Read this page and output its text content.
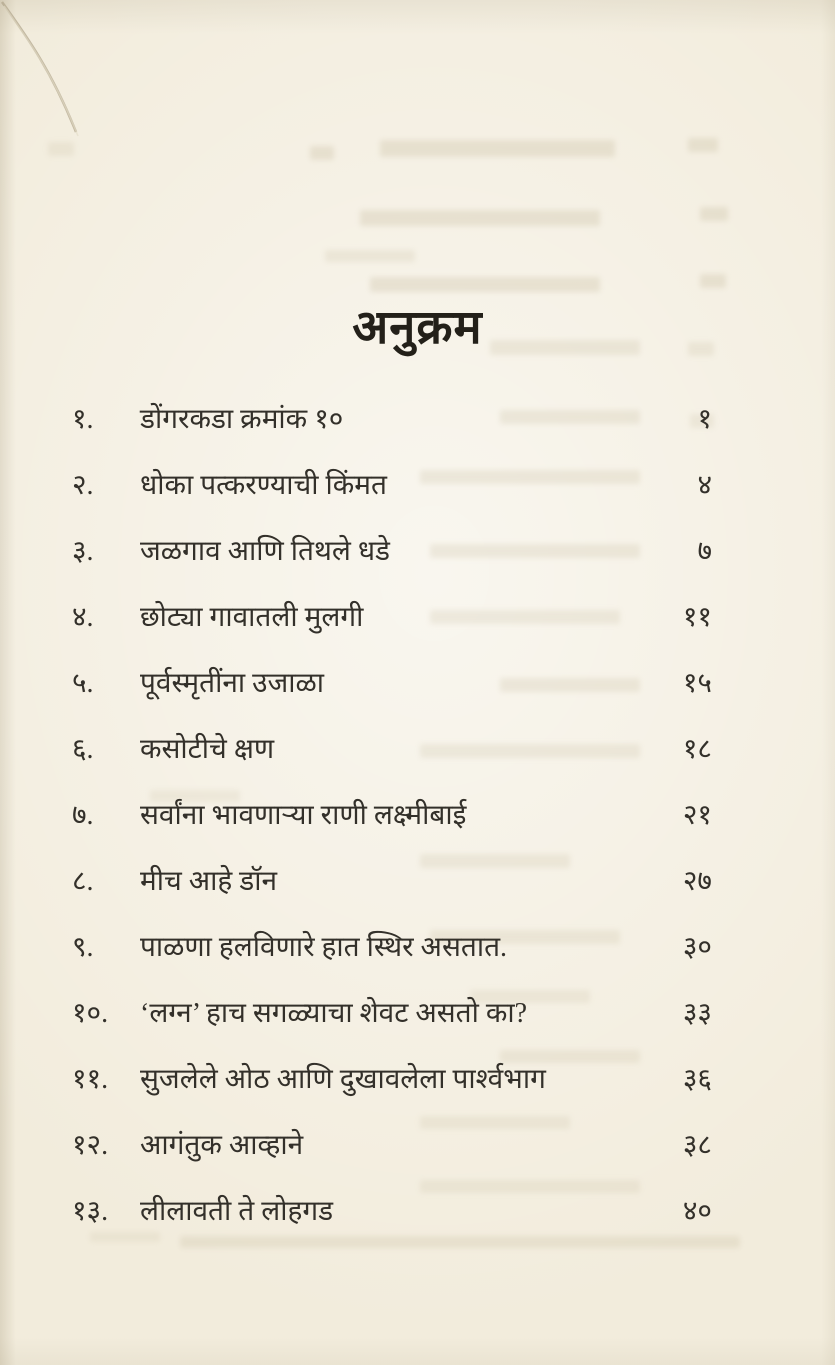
अनुक्रम
१.	डोंगरकडा क्रमांक १०	१
२.	धोका पत्करण्याची किंमत	४
३.	जळगाव आणि तिथले धडे	७
४.	छोट्या गावातली मुलगी	११
५.	पूर्वस्मृतींना उजाळा	१५
६.	कसोटीचे क्षण	१८
७.	सर्वांना भावणाऱ्या राणी लक्ष्मीबाई	२१
८.	मीच आहे डॉन	२७
९.	पाळणा हलविणारे हात स्थिर असतात.	३०
१०.	‘लग्न’ हाच सगळ्याचा शेवट असतो का?	३३
११.	सुजलेले ओठ आणि दुखावलेला पार्श्वभाग	३६
१२.	आगंतुक आव्हाने	३८
१३.	लीलावती ते लोहगड	४०
